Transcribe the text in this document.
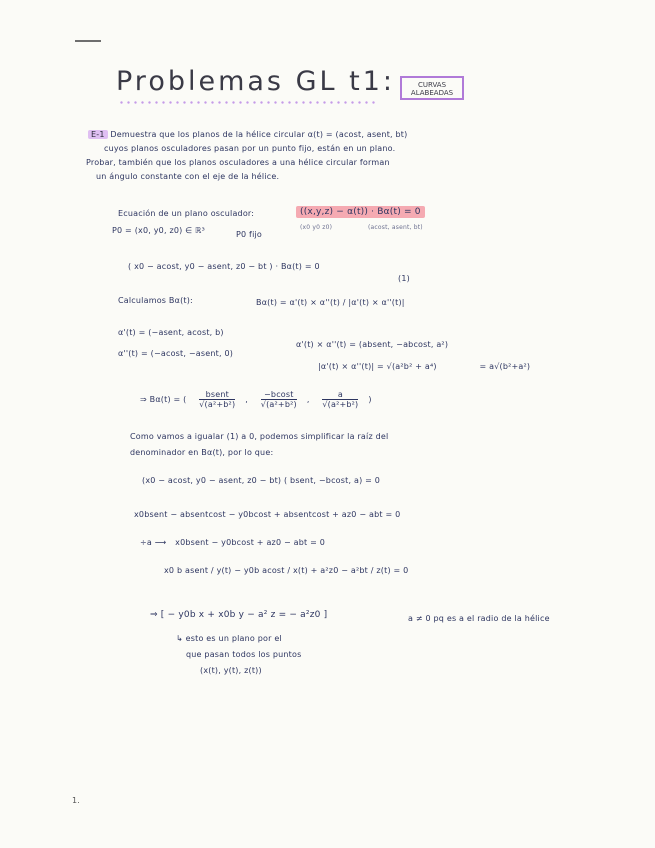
Problemas GL t1:	CURVAS ALABEADAS
E-1 Demuestra que los planos de la hélice circular α(t) = (acost, asent, bt)
cuyos planos osculadores pasan por un punto fijo, están en un plano.
Probar, también que los planos osculadores a una hélice circular forman
un ángulo constante con el eje de la hélice.
Ecuación de un plano osculador:	((x,y,z) − α(t)) · Bα(t) = 0
(x0 y0 z0)	(acost, asent, bt)
P0 = (x0, y0, z0) ∈ ℝ³	P0 fijo
( x0 − acost, y0 − asent, z0 − bt ) · Bα(t) = 0
(1)
Calculamos Bα(t):	Bα(t) = α'(t) × α''(t) / |α'(t) × α''(t)|
α'(t) = (−asent, acost, b)
α''(t) = (−acost, −asent, 0)
α'(t) × α''(t) = (absent, −abcost, a²)
|α'(t) × α''(t)| = √(a²b² + a⁴)	= a√(b²+a²)
⇒ Bα(t) = ( bsent
√(a²+b²), $\frac{-bcost}{\text{√(a²+b²)}}$ , $\frac{a}{\text{√(a²+b²)}}$ )
Como vamos a igualar (1) a 0, podemos simplificar la raíz del
denominador en Bα(t), por lo que:
(x0 − acost, y0 − asent, z0 − bt) ( bsent, −bcost, a) = 0
x0bsent − absentcost − y0bcost + absentcost + az0 − abt = 0
÷a ⟶ x0bsent − y0bcost + az0 − abt = 0
x0 b asent / y(t) − y0b acost / x(t) + a²z0 − a²bt / z(t) = 0
⇒ [ − y0b x + x0b y − a² z = − a²z0 ]	a ≠ 0 pq es a el radio de la hélice
↳ esto es un plano por el
que pasan todos los puntos
(x(t), y(t), z(t))
1.
